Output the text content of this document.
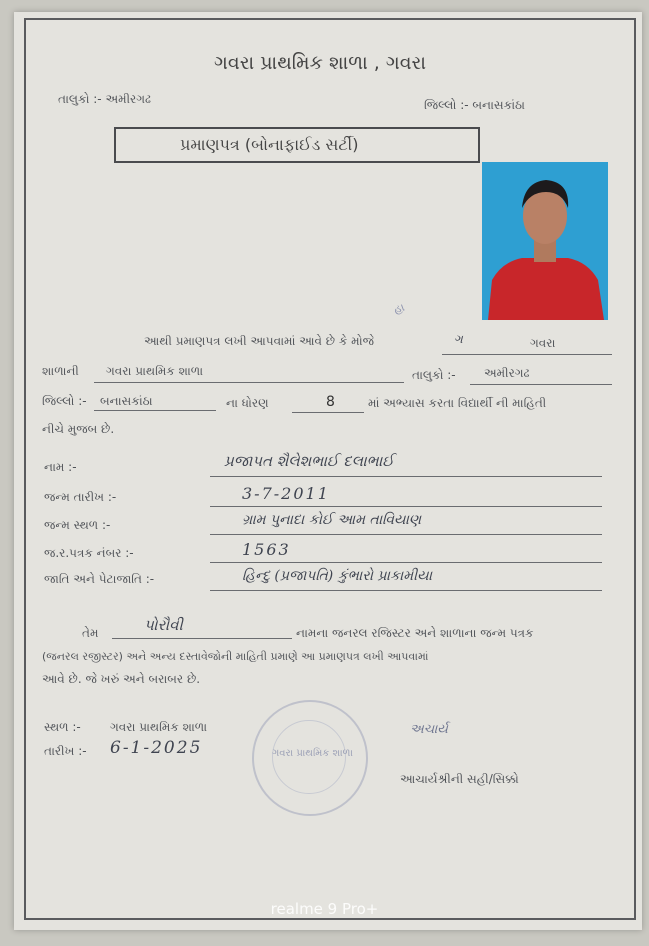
ગવરા પ્રાથમિક શાળા , ગવરા
તાલુકો :- અમીરગઢ	જિલ્લો :- બનાસકાંઠા
પ્રમાણપત્ર (બોનાફાઈડ સર્ટી)
હા
આથી પ્રમાણપત્ર લખી આપવામાં આવે છે કે મોજે	ગ	ગવરા
શાળાની ગવરા પ્રાથમિક શાળા	તાલુકો :- અમીરગઢ
જિલ્લો :- બનાસકાંઠા	ના ધોરણ	8	માં અભ્યાસ કરતા વિદ્યાર્થી ની માહિતી
નીચે મુજબ છે.
નામ :-	પ્રજાપત શૈલેશભાઈ દલાભાઈ
જન્મ તારીખ :-	3-7-2011
જન્મ સ્થળ :-	ગ્રામ પુનાદા કોઈ આમ તાવિયાણ
જ.ર.પત્રક નંબર :-	1563
જાતિ અને પેટાજાતિ :-	હિન્દુ (પ્રજાપતિ) કુંભારો પ્રાકામીયા
તેમ	પોરૌવી	નામના જનરલ રજિસ્ટર અને શાળાના જન્મ પત્રક
(જનરલ રજીસ્ટર) અને અન્ય દસ્તાવેજોની માહિતી પ્રમાણે આ પ્રમાણપત્ર લખી આપવામાં
આવે છે. જે ખરું અને બરાબર છે.
સ્થળ :- ગવરા પ્રાથમિક શાળા
તારીખ :- 6-1-2025	ગવરા પ્રાથમિક શાળા
અચાર્ય
આચાર્યશ્રીની સહી/સિક્કો
realme 9 Pro+
